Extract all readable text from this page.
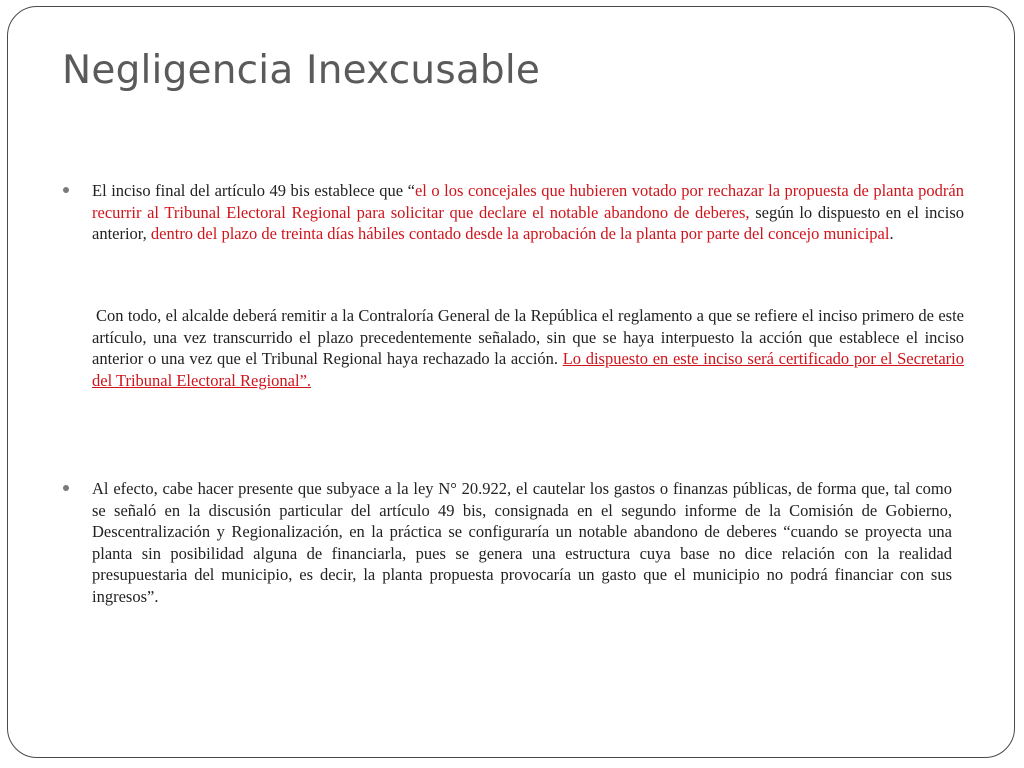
Negligencia Inexcusable

El inciso final del artículo 49 bis establece que “el o los concejales que hubieren votado por rechazar la propuesta de planta podrán recurrir al Tribunal Electoral Regional para solicitar que declare el notable abandono de deberes, según lo dispuesto en el inciso anterior, dentro del plazo de treinta días hábiles contado desde la aprobación de la planta por parte del concejo municipal.

Con todo, el alcalde deberá remitir a la Contraloría General de la República el reglamento a que se refiere el inciso primero de este artículo, una vez transcurrido el plazo precedentemente señalado, sin que se haya interpuesto la acción que establece el inciso anterior o una vez que el Tribunal Regional haya rechazado la acción. Lo dispuesto en este inciso será certificado por el Secretario del Tribunal Electoral Regional”.

Al efecto, cabe hacer presente que subyace a la ley N° 20.922, el cautelar los gastos o finanzas públicas, de forma que, tal como se señaló en la discusión particular del artículo 49 bis, consignada en el segundo informe de la Comisión de Gobierno, Descentralización y Regionalización, en la práctica se configuraría un notable abandono de deberes “cuando se proyecta una planta sin posibilidad alguna de financiarla, pues se genera una estructura cuya base no dice relación con la realidad presupuestaria del municipio, es decir, la planta propuesta provocaría un gasto que el municipio no podrá financiar con sus ingresos”.
